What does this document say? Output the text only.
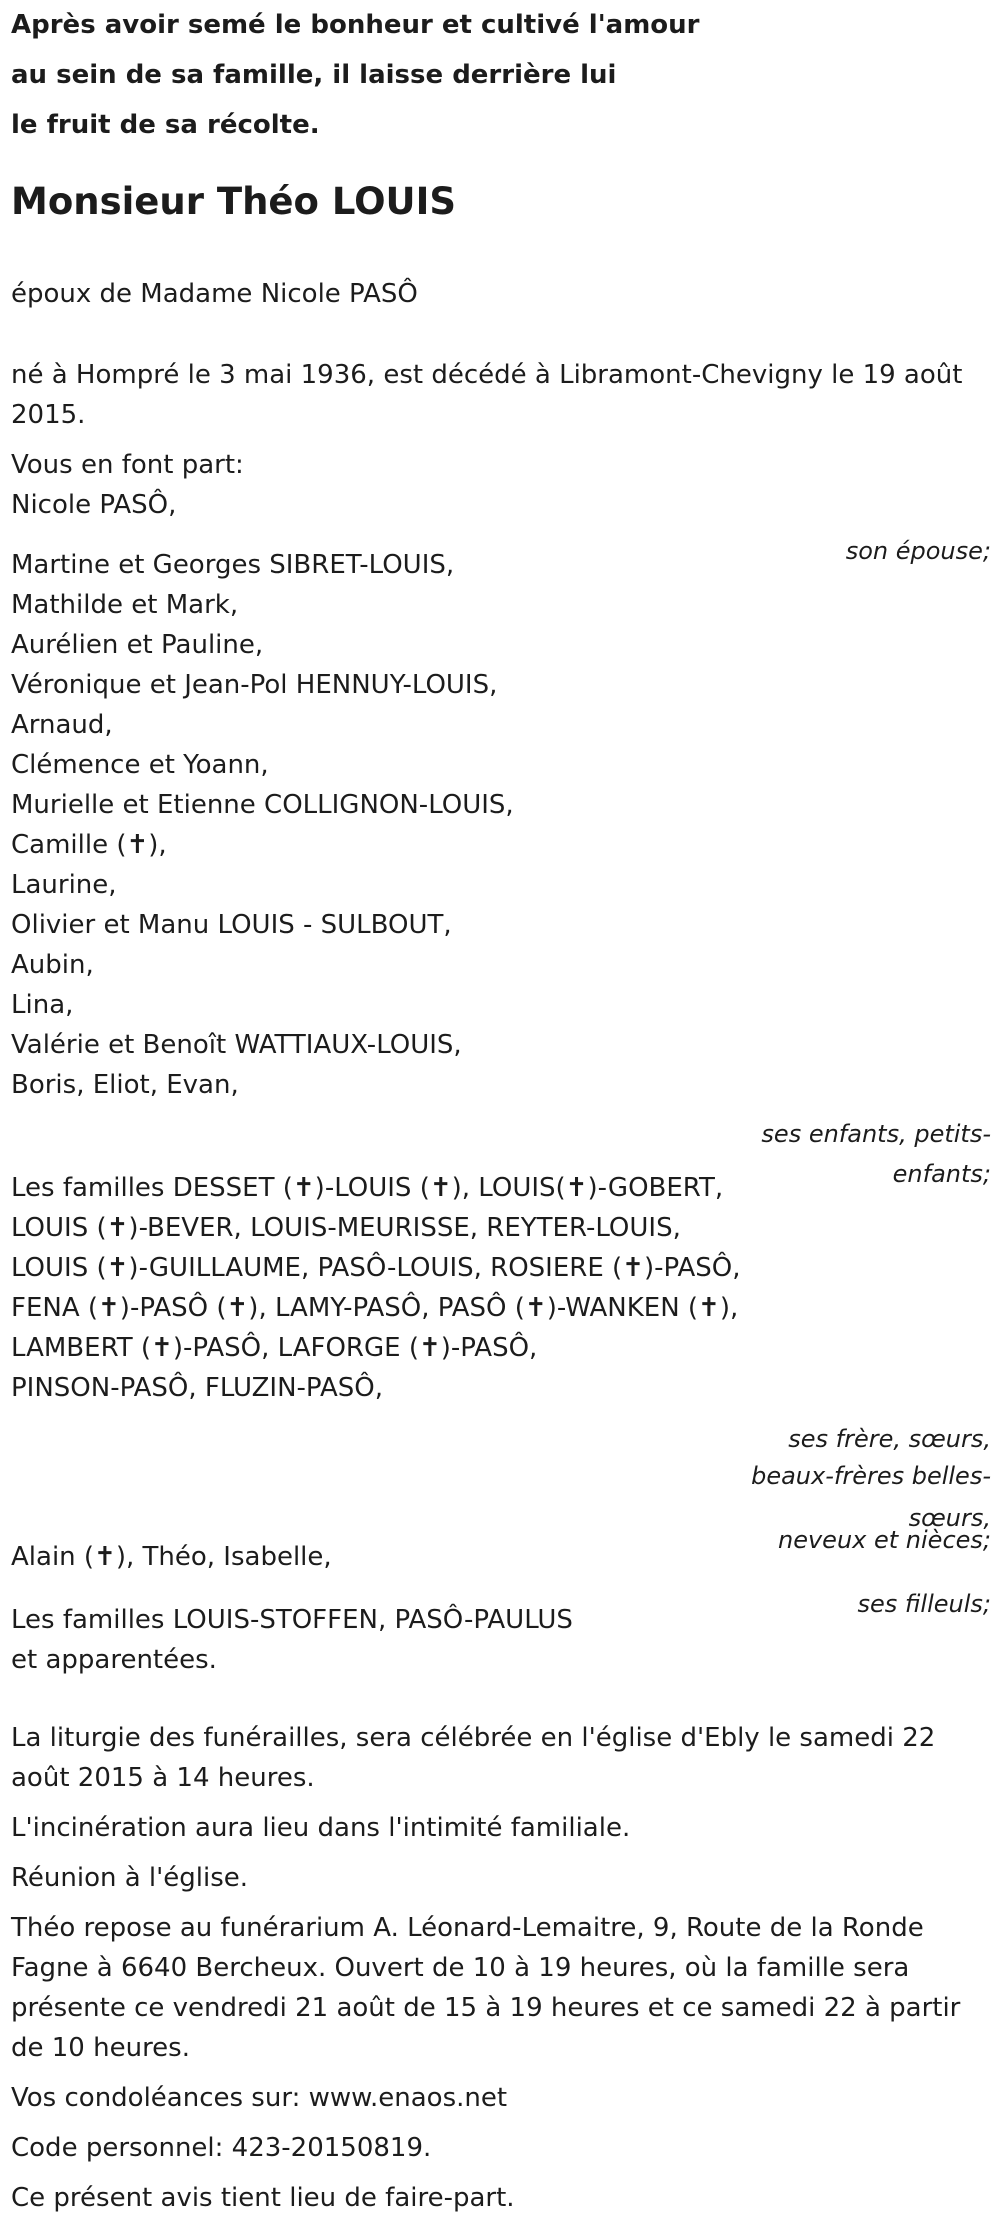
Après avoir semé le bonheur et cultivé l'amour

au sein de sa famille, il laisse derrière lui

le fruit de sa récolte.

Monsieur Théo LOUIS

époux de Madame Nicole PASÔ

né à Hompré le 3 mai 1936, est décédé à Libramont-Chevigny le 19 août

2015.

Vous en font part:

Nicole PASÔ,

son épouse;

Martine et Georges SIBRET-LOUIS,

Mathilde et Mark,

Aurélien et Pauline,

Véronique et Jean-Pol HENNUY-LOUIS,

Arnaud,

Clémence et Yoann,

Murielle et Etienne COLLIGNON-LOUIS,

Camille (✝),

Laurine,

Olivier et Manu LOUIS - SULBOUT,

Aubin,

Lina,

Valérie et Benoît WATTIAUX-LOUIS,

Boris, Eliot, Evan,

ses enfants, petits-

enfants;

Les familles DESSET (✝)-LOUIS (✝), LOUIS(✝)-GOBERT,

LOUIS (✝)-BEVER, LOUIS-MEURISSE, REYTER-LOUIS,

LOUIS (✝)-GUILLAUME, PASÔ-LOUIS, ROSIERE (✝)-PASÔ,

FENA (✝)-PASÔ (✝), LAMY-PASÔ, PASÔ (✝)-WANKEN (✝),

LAMBERT (✝)-PASÔ, LAFORGE (✝)-PASÔ,

PINSON-PASÔ, FLUZIN-PASÔ,

ses frère, sœurs,

beaux-frères belles-

sœurs,

neveux et nièces;

Alain (✝), Théo, Isabelle,

ses filleuls;

Les familles LOUIS-STOFFEN, PASÔ-PAULUS

et apparentées.

La liturgie des funérailles, sera célébrée en l'église d'Ebly le samedi 22

août 2015 à 14 heures.

L'incinération aura lieu dans l'intimité familiale.

Réunion à l'église.

Théo repose au funérarium A. Léonard-Lemaitre, 9, Route de la Ronde

Fagne à 6640 Bercheux. Ouvert de 10 à 19 heures, où la famille sera

présente ce vendredi 21 août de 15 à 19 heures et ce samedi 22 à partir

de 10 heures.

Vos condoléances sur: www.enaos.net

Code personnel: 423-20150819.

Ce présent avis tient lieu de faire-part.
